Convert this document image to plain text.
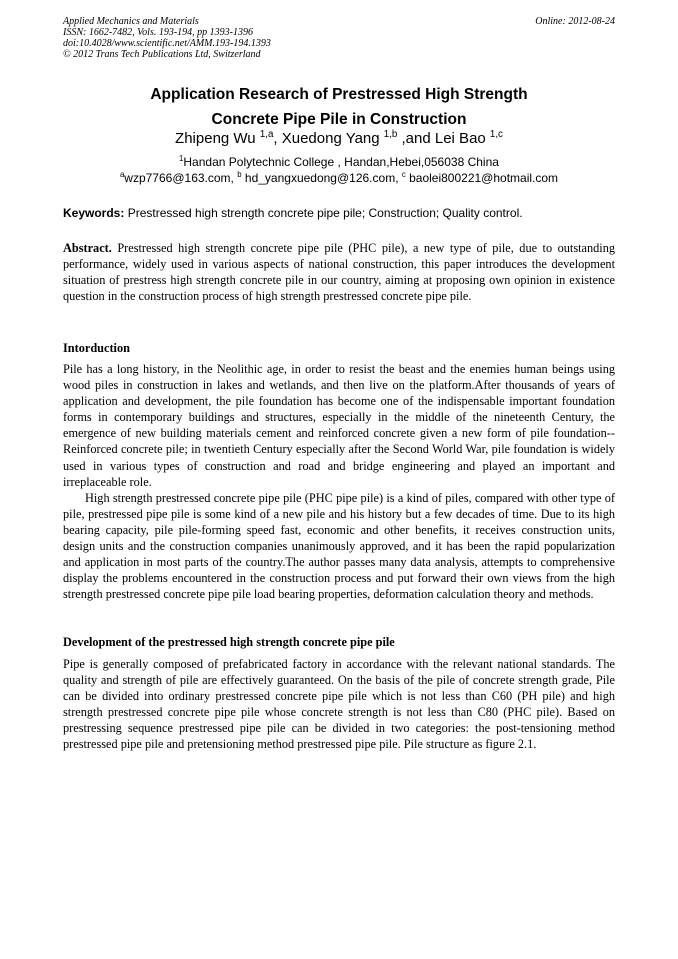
Applied Mechanics and Materials
ISSN: 1662-7482, Vols. 193-194, pp 1393-1396
doi:10.4028/www.scientific.net/AMM.193-194.1393
© 2012 Trans Tech Publications Ltd, Switzerland
Online: 2012-08-24
Application Research of Prestressed High Strength
Concrete Pipe Pile in Construction
Zhipeng Wu $^{1,a}$, Xuedong Yang $^{1,b}$ ,and Lei Bao $^{1,c}$
$^1$Handan Polytechnic College , Handan,Hebei,056038 China
$^a$wzp7766@163.com, $^b$ hd_yangxuedong@126.com, $^c$ baolei800221@hotmail.com
Keywords: Prestressed high strength concrete pipe pile; Construction; Quality control.

Abstract. Prestressed high strength concrete pipe pile (PHC pile), a new type of pile, due to outstanding performance, widely used in various aspects of national construction, this paper introduces the development situation of prestress high strength concrete pile in our country, aiming at proposing own opinion in existence question in the construction process of high strength prestressed concrete pipe pile.

Intorduction

Pile has a long history, in the Neolithic age, in order to resist the beast and the enemies human beings using wood piles in construction in lakes and wetlands, and then live on the platform.After thousands of years of application and development, the pile foundation has become one of the indispensable important foundation forms in contemporary buildings and structures, especially in the middle of the nineteenth Century, the emergence of new building materials cement and reinforced concrete given a new form of pile foundation-- Reinforced concrete pile; in twentieth Century especially after the Second World War, pile foundation is widely used in various types of construction and road and bridge engineering and played an important and irreplaceable role.

High strength prestressed concrete pipe pile (PHC pipe pile) is a kind of piles, compared with other type of pile, prestressed pipe pile is some kind of a new pile and his history but a few decades of time. Due to its high bearing capacity, pile pile-forming speed fast, economic and other benefits, it receives construction units, design units and the construction companies unanimously approved, and it has been the rapid popularization and application in most parts of the country.The author passes many data analysis, attempts to comprehensive display the problems encountered in the construction process and put forward their own views from the high strength prestressed concrete pipe pile load bearing properties, deformation calculation theory and methods.

Development of the prestressed high strength concrete pipe pile

Pipe is generally composed of prefabricated factory in accordance with the relevant national standards. The quality and strength of pile are effectively guaranteed. On the basis of the pile of concrete strength grade, Pile can be divided into ordinary prestressed concrete pipe pile which is not less than C60 (PH pile) and high strength prestressed concrete pipe pile whose concrete strength is not less than C80 (PHC pile). Based on prestressing sequence prestressed pipe pile can be divided in two categories: the post-tensioning method prestressed pipe pile and pretensioning method prestressed pipe pile. Pile structure as figure 2.1.
